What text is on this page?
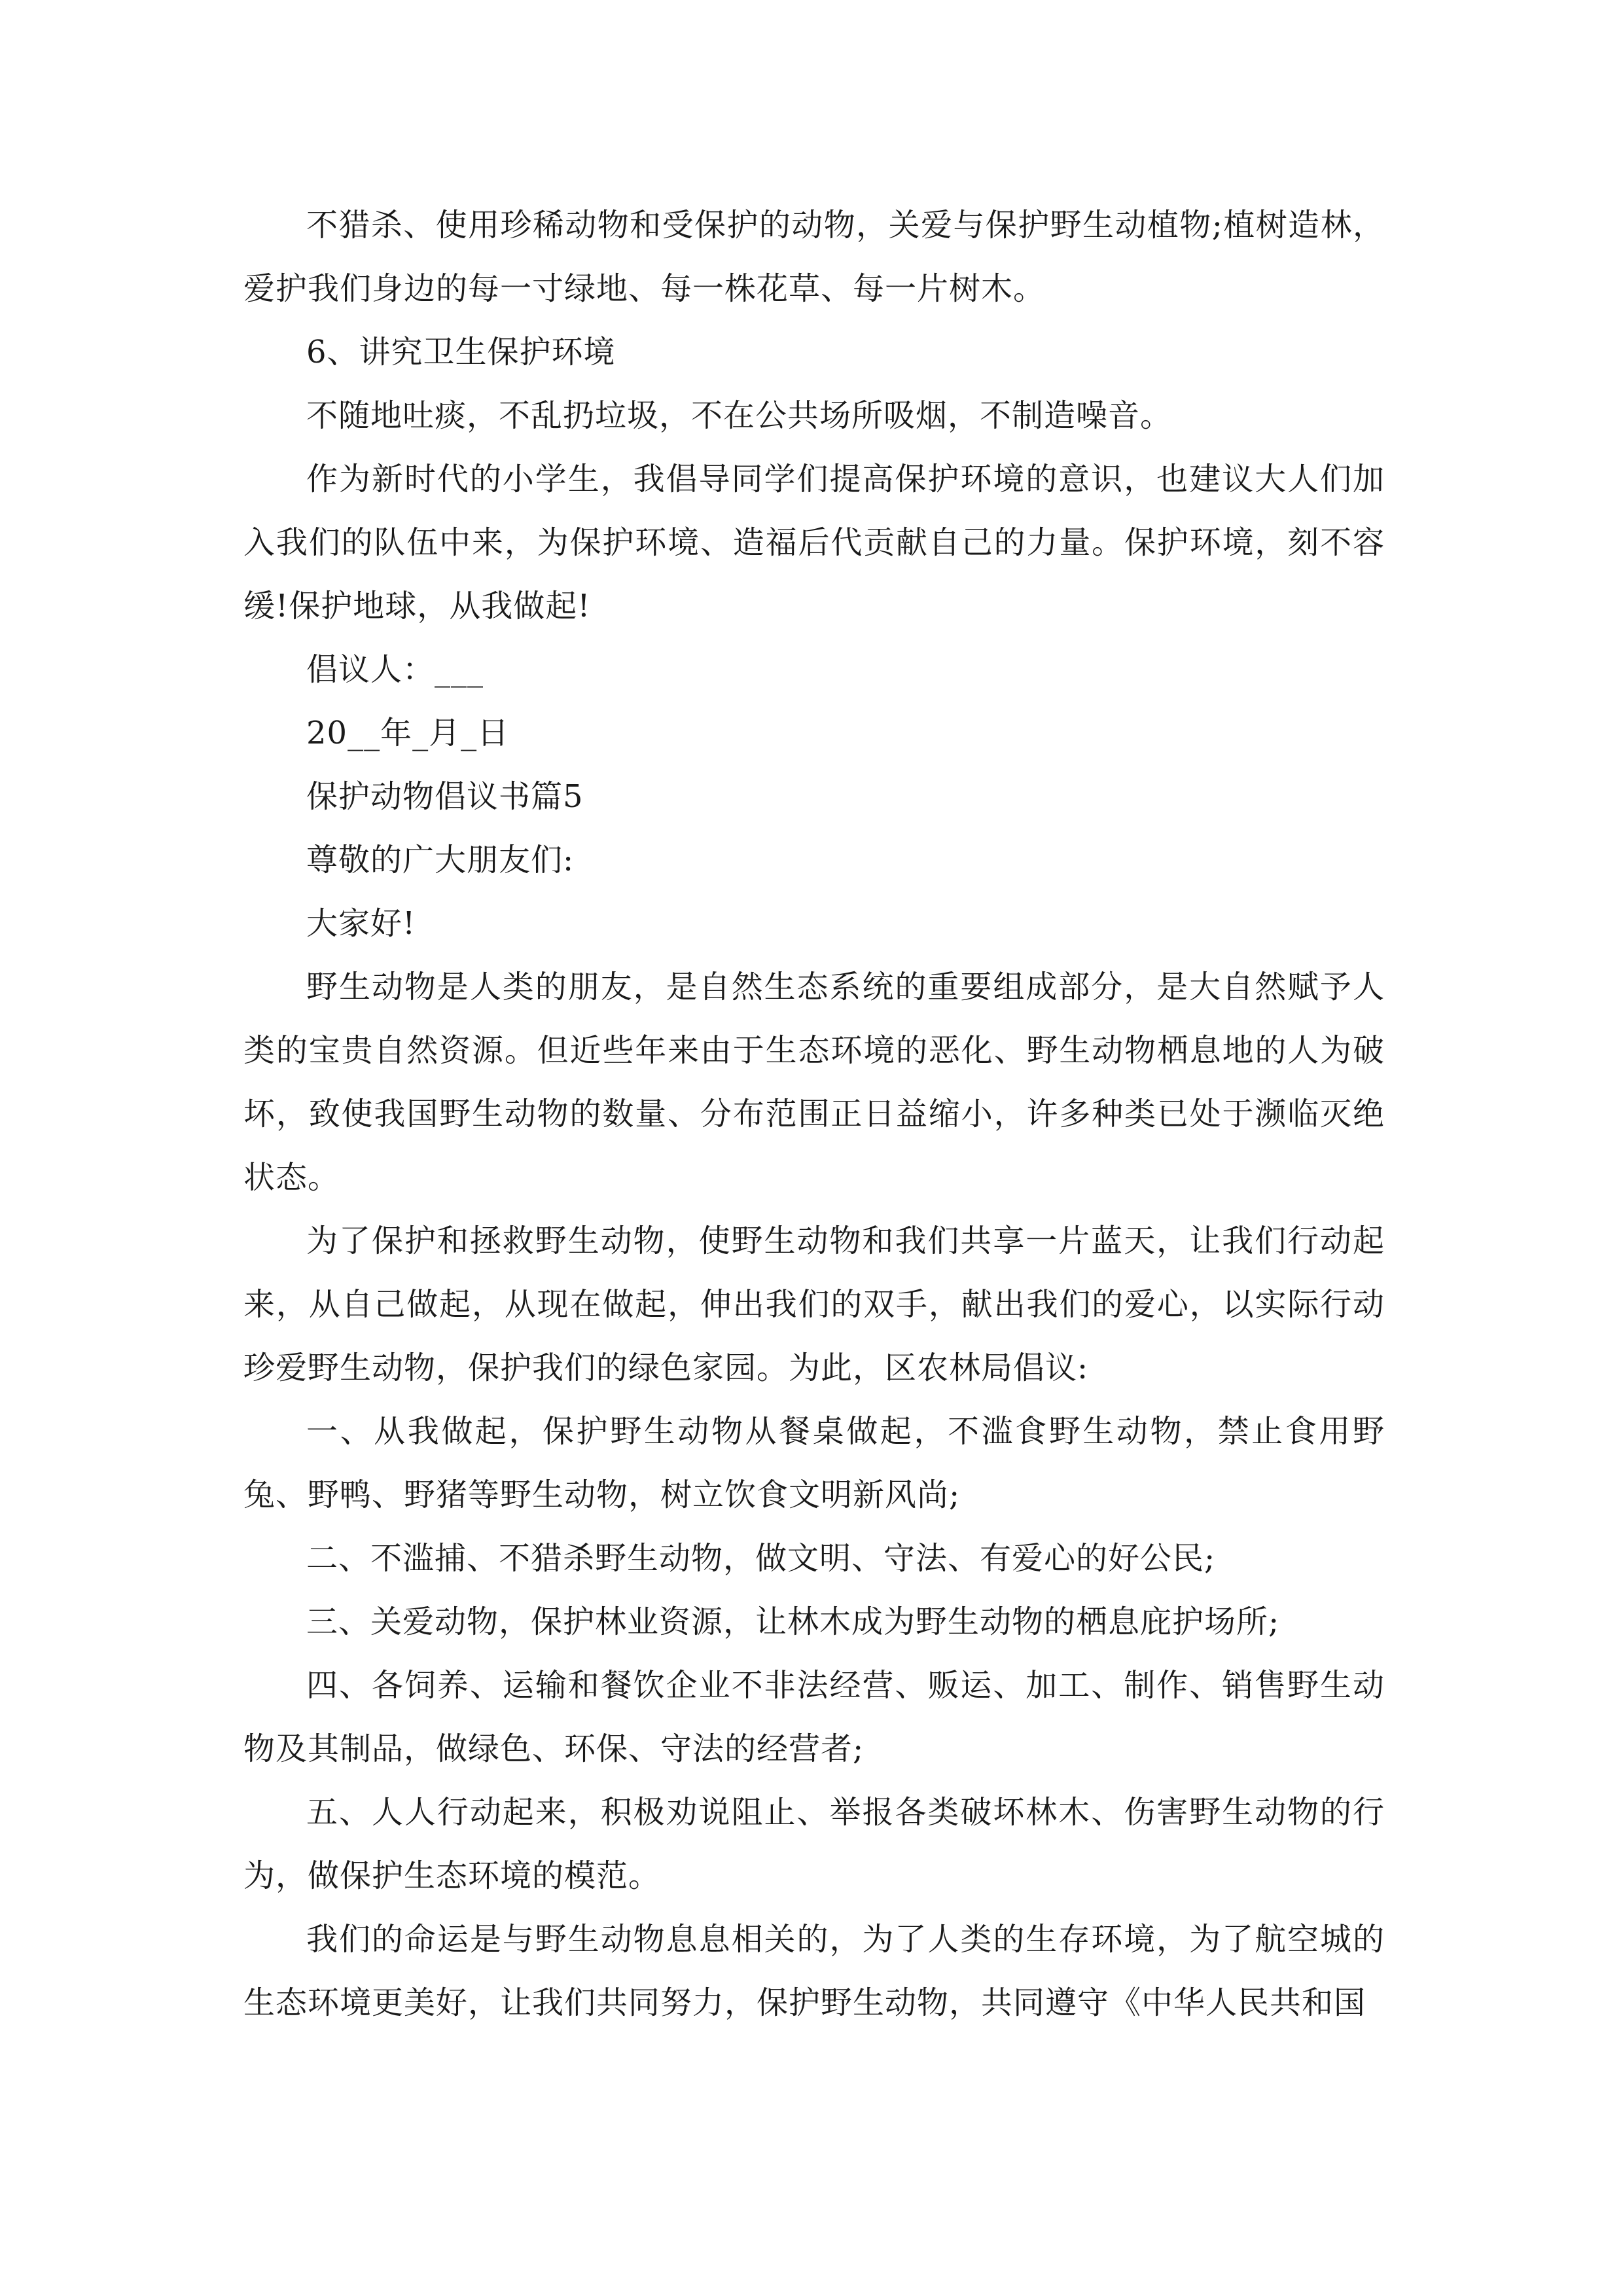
不猎杀、使用珍稀动物和受保护的动物，关爱与保护野生动植物;植树造林，爱护我们身边的每一寸绿地、每一株花草、每一片树木。

6、讲究卫生保护环境

不随地吐痰，不乱扔垃圾，不在公共场所吸烟，不制造噪音。

作为新时代的小学生，我倡导同学们提高保护环境的意识，也建议大人们加入我们的队伍中来，为保护环境、造福后代贡献自己的力量。保护环境，刻不容缓!保护地球，从我做起!

倡议人：___

20__年_月_日

保护动物倡议书篇5

尊敬的广大朋友们:

大家好!

野生动物是人类的朋友，是自然生态系统的重要组成部分，是大自然赋予人类的宝贵自然资源。但近些年来由于生态环境的恶化、野生动物栖息地的人为破坏，致使我国野生动物的数量、分布范围正日益缩小，许多种类已处于濒临灭绝状态。

为了保护和拯救野生动物，使野生动物和我们共享一片蓝天，让我们行动起来，从自己做起，从现在做起，伸出我们的双手，献出我们的爱心，以实际行动珍爱野生动物，保护我们的绿色家园。为此，区农林局倡议:

一、从我做起，保护野生动物从餐桌做起，不滥食野生动物，禁止食用野兔、野鸭、野猪等野生动物，树立饮食文明新风尚;

二、不滥捕、不猎杀野生动物，做文明、守法、有爱心的好公民;

三、关爱动物，保护林业资源，让林木成为野生动物的栖息庇护场所;

四、各饲养、运输和餐饮企业不非法经营、贩运、加工、制作、销售野生动物及其制品，做绿色、环保、守法的经营者;

五、人人行动起来，积极劝说阻止、举报各类破坏林木、伤害野生动物的行为，做保护生态环境的模范。

我们的命运是与野生动物息息相关的，为了人类的生存环境，为了航空城的生态环境更美好，让我们共同努力，保护野生动物，共同遵守《中华人民共和国
